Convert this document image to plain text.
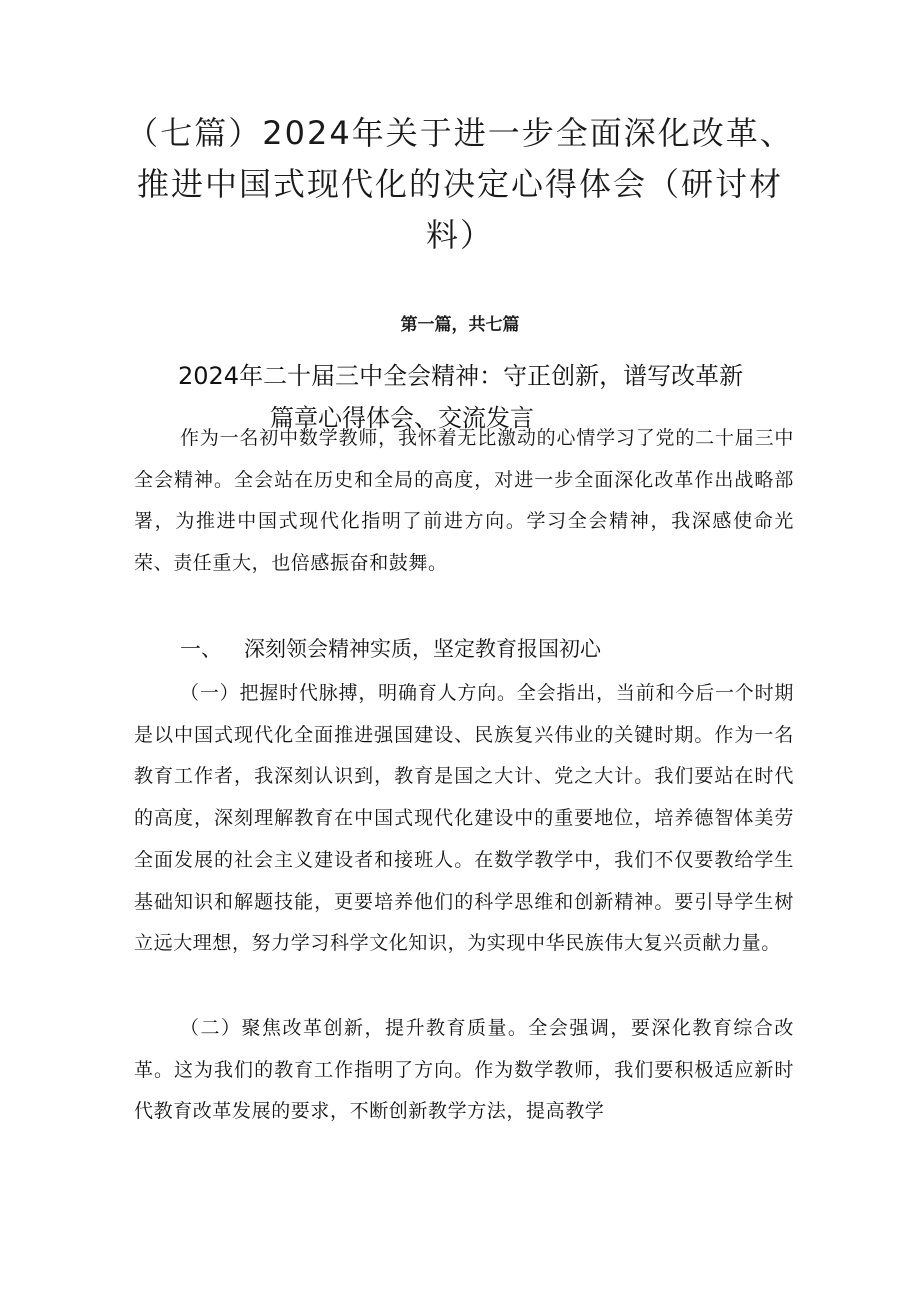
（七篇）2024年关于进一步全面深化改革、推进中国式现代化的决定心得体会（研讨材料）
第一篇，共七篇
2024年二十届三中全会精神：守正创新，谱写改革新
篇章心得体会、交流发言

作为一名初中数学教师，我怀着无比激动的心情学习了党的二十届三中全会精神。全会站在历史和全局的高度，对进一步全面深化改革作出战略部署，为推进中国式现代化指明了前进方向。学习全会精神，我深感使命光荣、责任重大，也倍感振奋和鼓舞。

一、 深刻领会精神实质，坚定教育报国初心

（一）把握时代脉搏，明确育人方向。全会指出，当前和今后一个时期是以中国式现代化全面推进强国建设、民族复兴伟业的关键时期。作为一名教育工作者，我深刻认识到，教育是国之大计、党之大计。我们要站在时代的高度，深刻理解教育在中国式现代化建设中的重要地位，培养德智体美劳全面发展的社会主义建设者和接班人。在数学教学中，我们不仅要教给学生基础知识和解题技能，更要培养他们的科学思维和创新精神。要引导学生树立远大理想，努力学习科学文化知识，为实现中华民族伟大复兴贡献力量。

（二）聚焦改革创新，提升教育质量。全会强调，要深化教育综合改革。这为我们的教育工作指明了方向。作为数学教师，我们要积极适应新时代教育改革发展的要求，不断创新教学方法，提高教学
